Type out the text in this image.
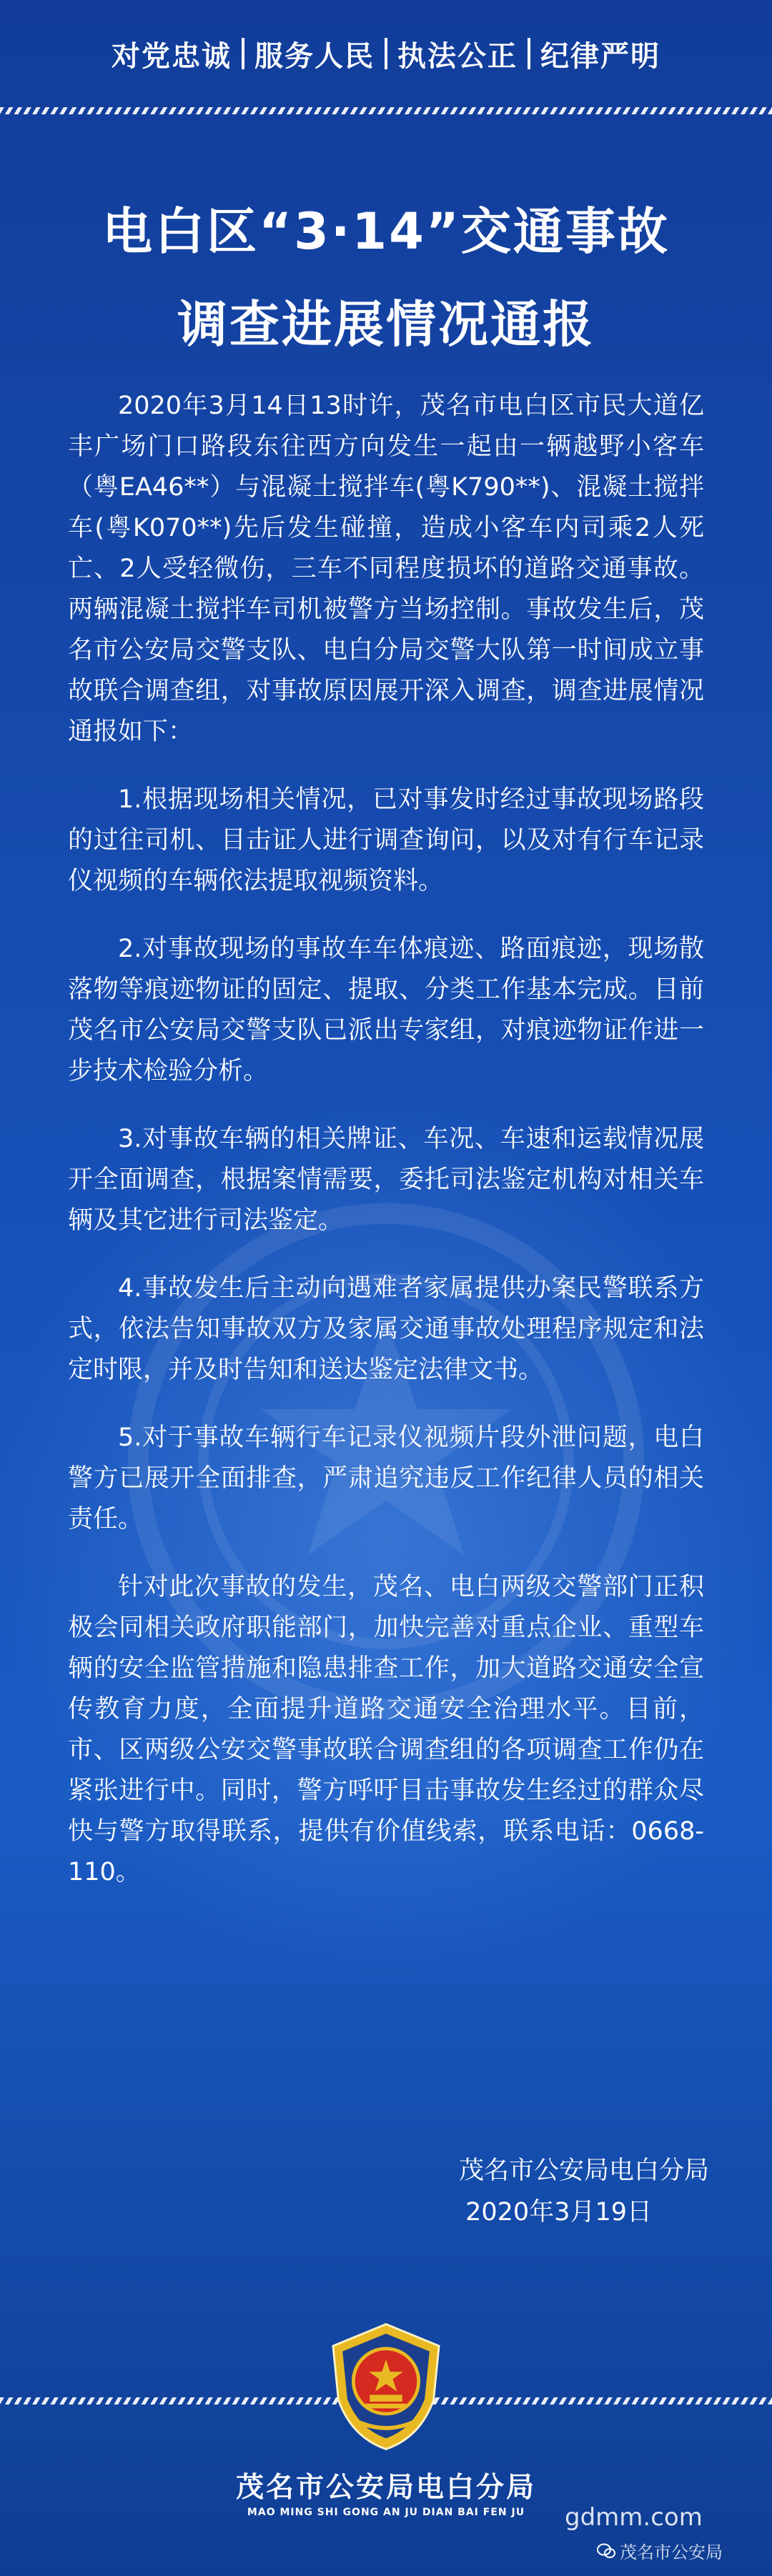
对党忠诚 服务人民 执法公正 纪律严明
电白区“3·14”交通事故
调查进展情况通报

2020年3月14日13时许，茂名市电白区市民大道亿丰广场门口路段东往西方向发生一起由一辆越野小客车（粤EA46**）与混凝土搅拌车(粤K790**)、混凝土搅拌车(粤K070**)先后发生碰撞，造成小客车内司乘2人死亡、2人受轻微伤，三车不同程度损坏的道路交通事故。两辆混凝土搅拌车司机被警方当场控制。事故发生后，茂名市公安局交警支队、电白分局交警大队第一时间成立事故联合调查组，对事故原因展开深入调查，调查进展情况通报如下：

1.根据现场相关情况，已对事发时经过事故现场路段的过往司机、目击证人进行调查询问，以及对有行车记录仪视频的车辆依法提取视频资料。

2.对事故现场的事故车车体痕迹、路面痕迹，现场散落物等痕迹物证的固定、提取、分类工作基本完成。目前茂名市公安局交警支队已派出专家组，对痕迹物证作进一步技术检验分析。

3.对事故车辆的相关牌证、车况、车速和运载情况展开全面调查，根据案情需要，委托司法鉴定机构对相关车辆及其它进行司法鉴定。

4.事故发生后主动向遇难者家属提供办案民警联系方式，依法告知事故双方及家属交通事故处理程序规定和法定时限，并及时告知和送达鉴定法律文书。

5.对于事故车辆行车记录仪视频片段外泄问题，电白警方已展开全面排查，严肃追究违反工作纪律人员的相关责任。

针对此次事故的发生，茂名、电白两级交警部门正积极会同相关政府职能部门，加快完善对重点企业、重型车辆的安全监管措施和隐患排查工作，加大道路交通安全宣传教育力度，全面提升道路交通安全治理水平。目前，市、区两级公安交警事故联合调查组的各项调查工作仍在紧张进行中。同时，警方呼吁目击事故发生经过的群众尽快与警方取得联系，提供有价值线索，联系电话：0668-110。

茂名市公安局电白分局
2020年3月19日
茂名市公安局电白分局
MAO MING SHI GONG AN JU DIAN BAI FEN JU	gdmm.com
茂名市公安局
